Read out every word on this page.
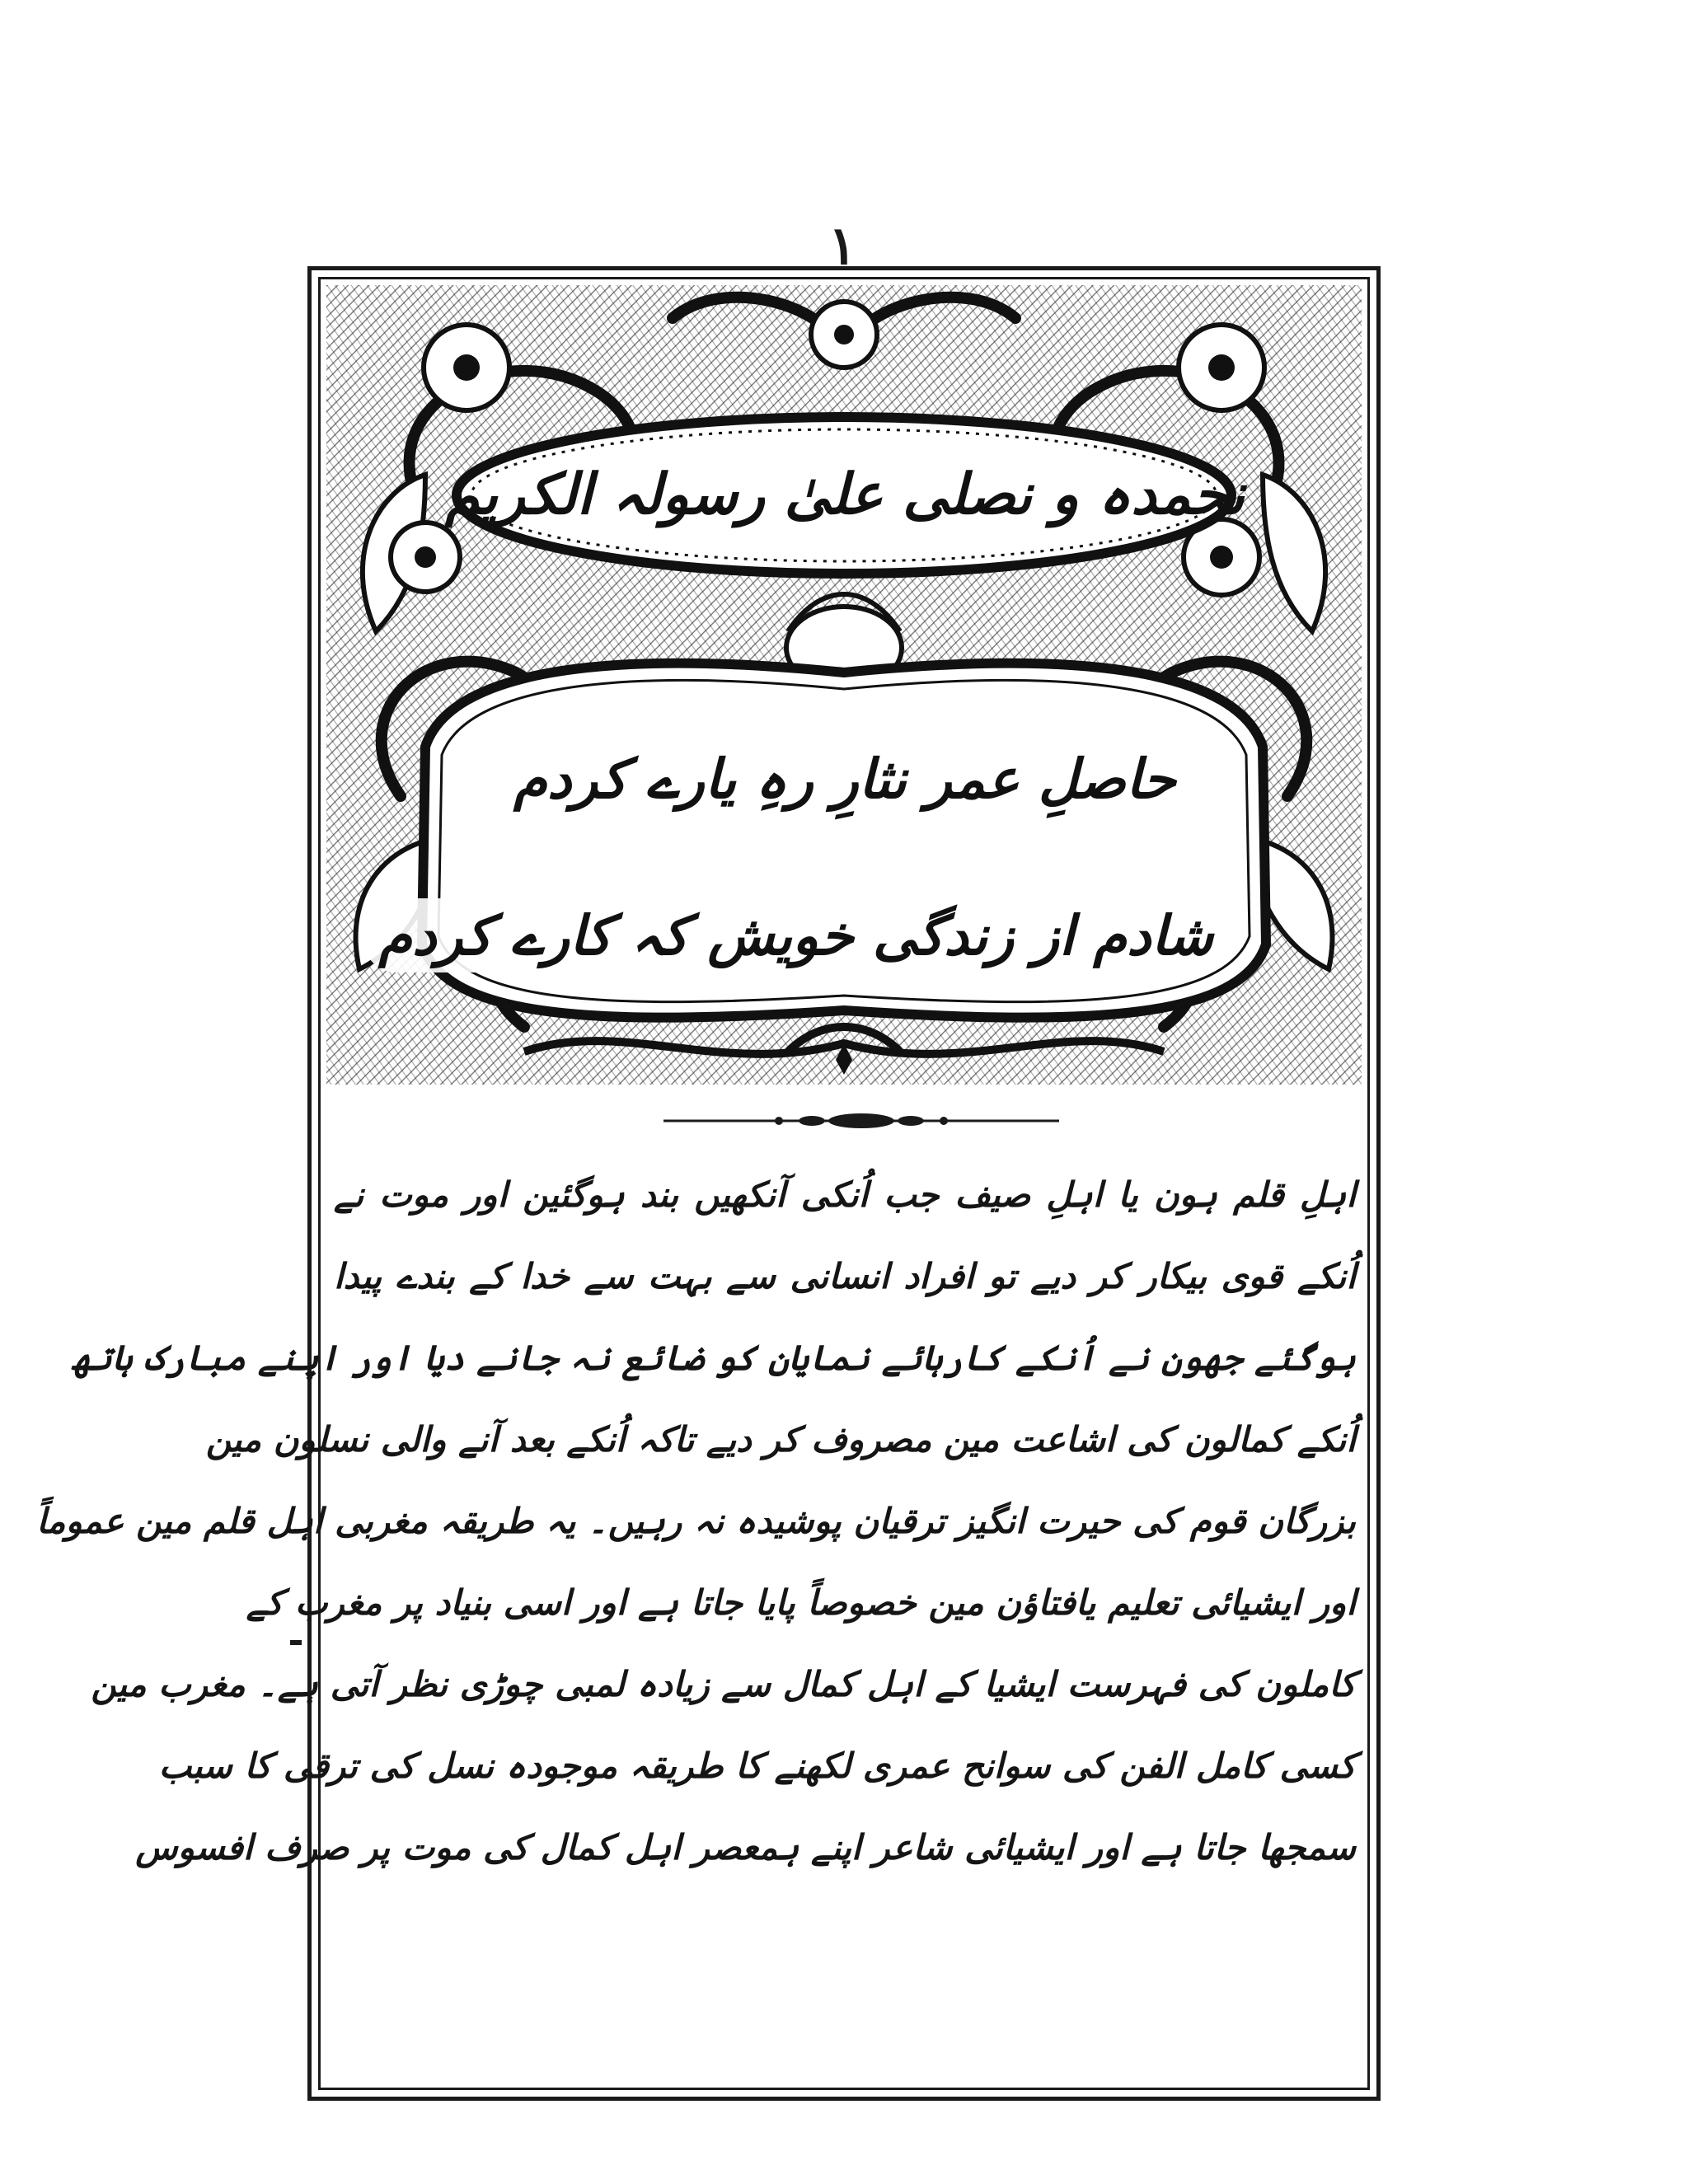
۱
نحمدہ و نصلی علیٰ رسولہ الکریم
حاصلِ عمر نثارِ رہِ یارے کردم
شادم از زندگی خویش کہ کارے کردم
اہلِ قلم ہون یا اہلِ صیف جب اُنکی آنکھیں بند ہوگئین اور موت نے
اُنکے قوی بیکار کر دیے تو افراد انسانی سے بہت سے خدا کے بندے پیدا
ہوگئے جھون نے اُنکے کارہائے نمایان کو ضائع نہ جانے دیا اور اپنے مبارک ہاتھ
اُنکے کمالون کی اشاعت مین مصروف کر دیے تاکہ اُنکے بعد آنے والی نسلون مین
بزرگان قوم کی حیرت انگیز ترقیان پوشیدہ نہ رہیں۔ یہ طریقہ مغربی اہل قلم مین عموماً
اور ایشیائی تعلیم یافتاؤن مین خصوصاً پایا جاتا ہے اور اسی بنیاد پر مغرب کے
کاملون کی فہرست ایشیا کے اہل کمال سے زیادہ لمبی چوڑی نظر آتی ہے۔ مغرب مین
کسی کامل الفن کی سوانح عمری لکھنے کا طریقہ موجودہ نسل کی ترقی کا سبب
سمجھا جاتا ہے اور ایشیائی شاعر اپنے ہمعصر اہل کمال کی موت پر صرف افسوس
